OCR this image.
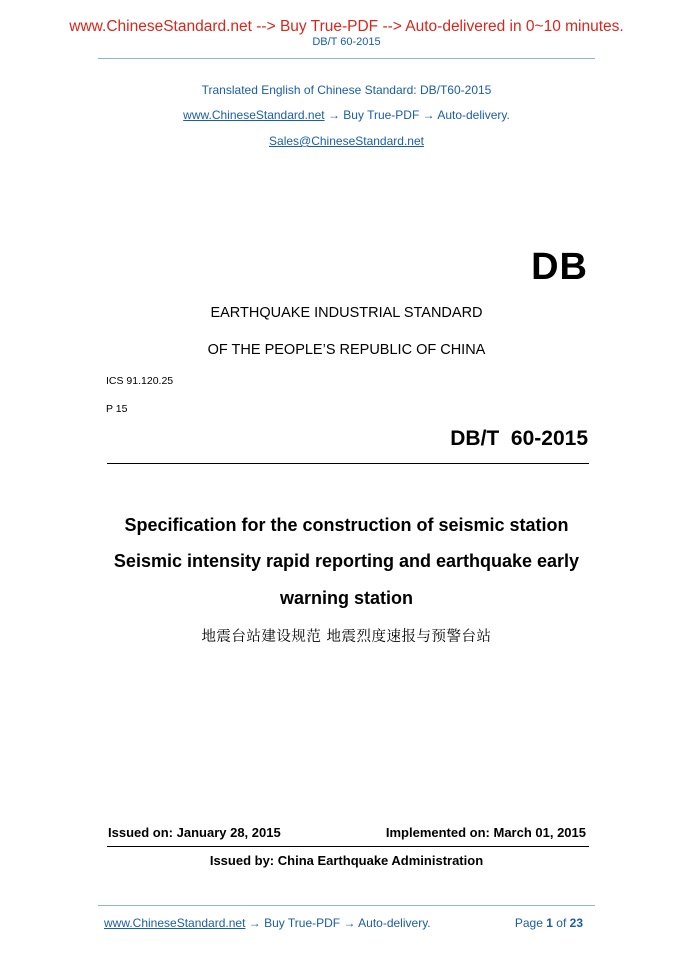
www.ChineseStandard.net --> Buy True-PDF --> Auto-delivered in 0~10 minutes.
DB/T 60-2015
Translated English of Chinese Standard: DB/T60-2015
www.ChineseStandard.net → Buy True-PDF → Auto-delivery.
Sales@ChineseStandard.net
DB
EARTHQUAKE INDUSTRIAL STANDARD
OF THE PEOPLE’S REPUBLIC OF CHINA
ICS 91.120.25
P 15
DB/T  60-2015
Specification for the construction of seismic station
Seismic intensity rapid reporting and earthquake early
warning station
地震台站建设规范 地震烈度速报与预警台站
Issued on: January 28, 2015	Implemented on: March 01, 2015
Issued by: China Earthquake Administration
www.ChineseStandard.net → Buy True-PDF → Auto-delivery.	Page 1 of 23
